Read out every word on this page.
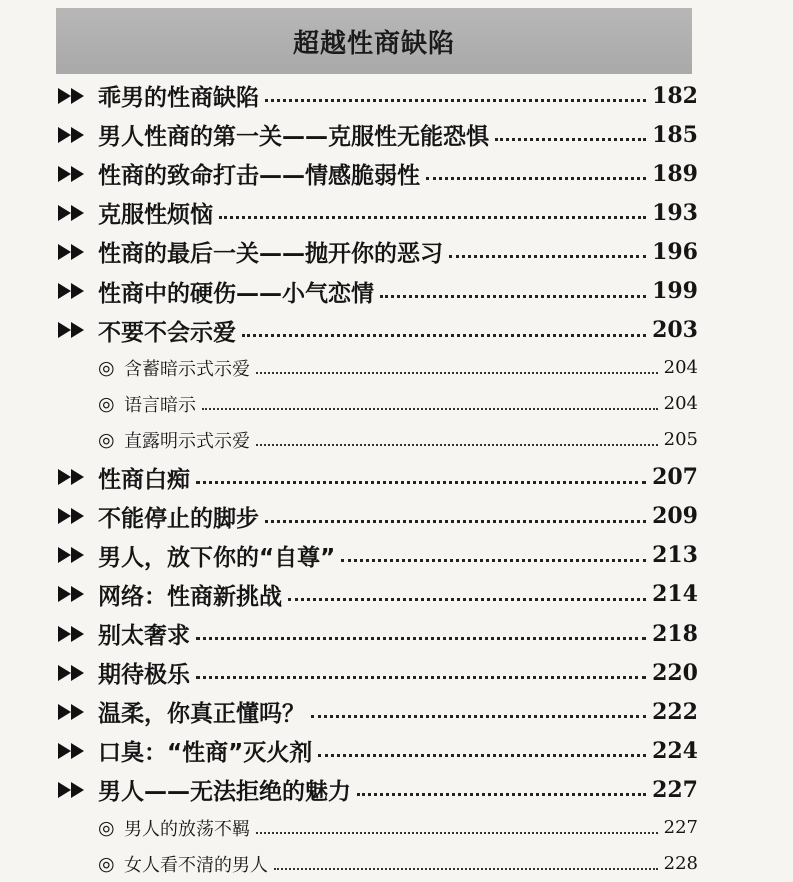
超越性商缺陷
乖男的性商缺陷	182
男人性商的第一关——克服性无能恐惧	185
性商的致命打击——情感脆弱性	189
克服性烦恼	193
性商的最后一关——抛开你的恶习	196
性商中的硬伤——小气恋情	199
不要不会示爱	203
◎ 含蓄暗示式示爱	204
◎ 语言暗示	204
◎ 直露明示式示爱	205
性商白痴	207
不能停止的脚步	209
男人，放下你的“自尊”	213
网络：性商新挑战	214
别太奢求	218
期待极乐	220
温柔，你真正懂吗？	222
口臭：“性商”灭火剂	224
男人——无法拒绝的魅力	227
◎ 男人的放荡不羁	227
◎ 女人看不清的男人	228
